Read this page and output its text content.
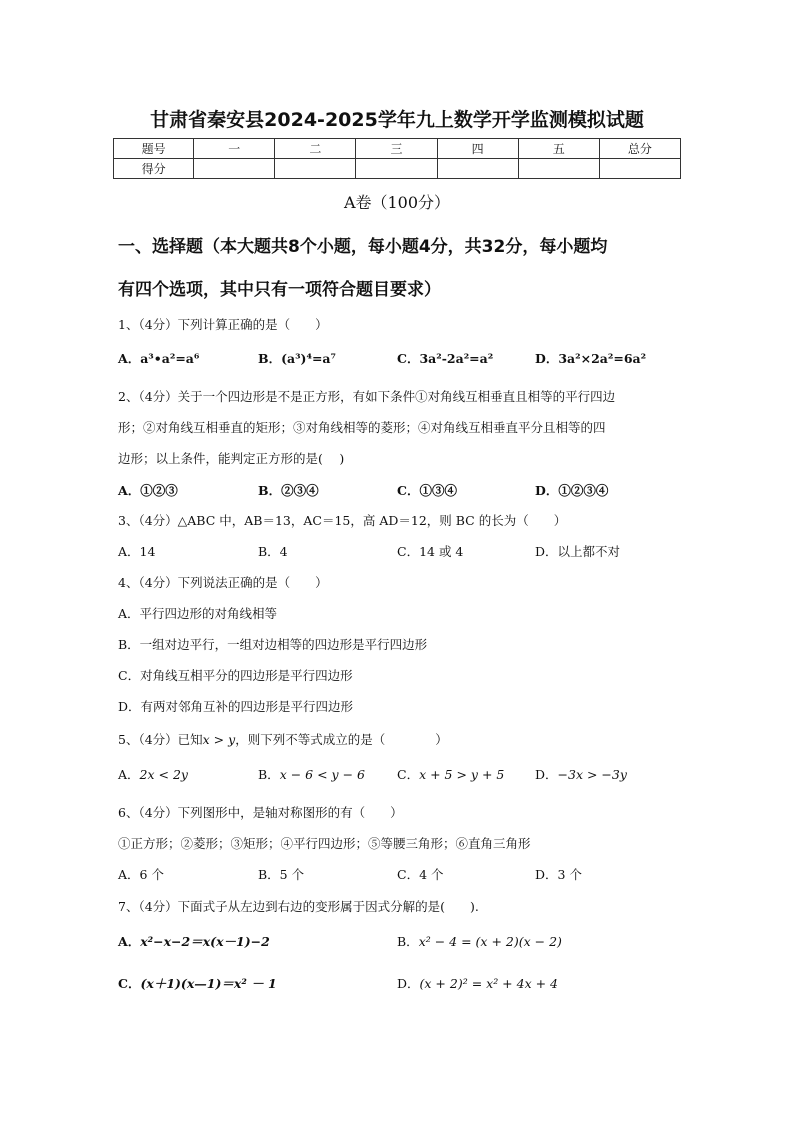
甘肃省秦安县2024-2025学年九上数学开学监测模拟试题
题号	一	二	三	四	五	总分
得分						
A卷（100分）
一、选择题（本大题共8个小题，每小题4分，共32分，每小题均
有四个选项，其中只有一项符合题目要求）
1、（4分）下列计算正确的是（　　）
A．a³•a²=a⁶	B．(a³)⁴=a⁷	C．3a²-2a²=a²	D．3a²×2a²=6a²
2、（4分）关于一个四边形是不是正方形，有如下条件①对角线互相垂直且相等的平行四边
形；②对角线互相垂直的矩形；③对角线相等的菱形；④对角线互相垂直平分且相等的四
边形；以上条件，能判定正方形的是(　 )
A．①②③	B．②③④	C．①③④	D．①②③④
3、（4分）△ABC 中，AB＝13，AC＝15，高 AD＝12，则 BC 的长为（　　）
A．14	B．4	C．14 或 4	D．以上都不对
4、（4分）下列说法正确的是（　　）
A．平行四边形的对角线相等
B．一组对边平行，一组对边相等的四边形是平行四边形
C．对角线互相平分的四边形是平行四边形
D．有两对邻角互补的四边形是平行四边形
5、（4分）已知x > y，则下列不等式成立的是（　　　　）
A．2x < 2y	B．x − 6 < y − 6	C．x + 5 > y + 5 D．−3x > −3y
6、（4分）下列图形中，是轴对称图形的有（　　）
①正方形；②菱形；③矩形；④平行四边形；⑤等腰三角形；⑥直角三角形
A．6 个	B．5 个	C．4 个	D．3 个
7、（4分）下面式子从左边到右边的变形属于因式分解的是(　　).
A．x²−x−2＝x(x－1)−2	B．x² − 4 = (x + 2)(x − 2)
C．(x＋1)(x—1)＝x² － 1	D．(x + 2)² = x² + 4x + 4
